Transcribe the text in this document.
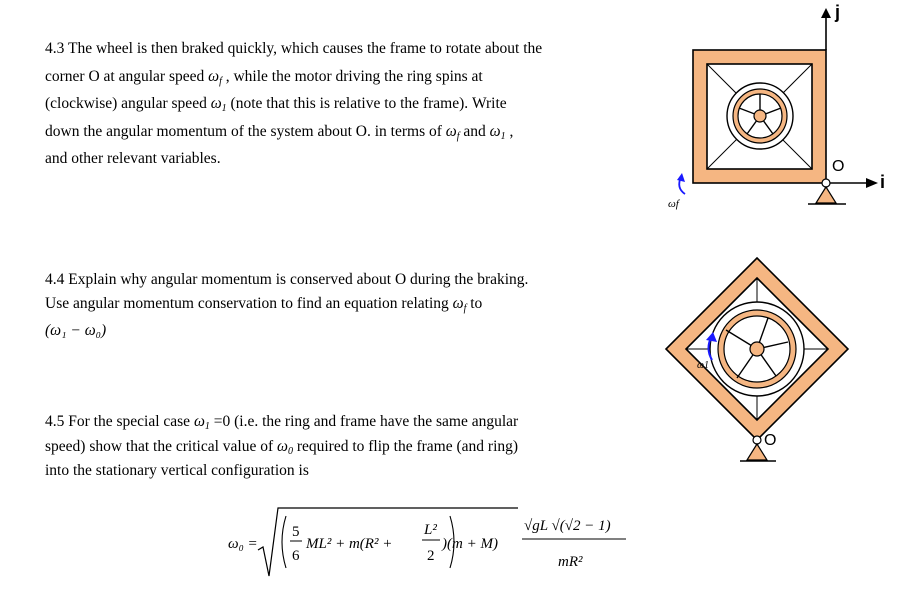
4.3 The wheel is then braked quickly, which causes the frame to rotate about the

corner O at angular speed $\omega_f$ , while the motor driving the ring spins at

(clockwise) angular speed $\omega_1$ (note that this is relative to the frame). Write

down the angular momentum of the system about O. in terms of $\omega_f$ and $\omega_1$ ,

and other relevant variables.

4.4 Explain why angular momentum is conserved about O during the braking.

Use angular momentum conservation to find an equation relating $\omega_f$ to

(ω₁ − ω₀)

4.5 For the special case $\omega_1 =0$ (i.e. the ring and frame have the same angular

speed) show that the critical value of $\omega_0$ required to flip the frame (and ring)

into the stationary vertical configuration is

ω₀ =
5
6
ML² + m(R² +
L²
2
)(m + M)
√gL √(√2 − 1)
mR²
j
i
O
ωf
O
ω1
